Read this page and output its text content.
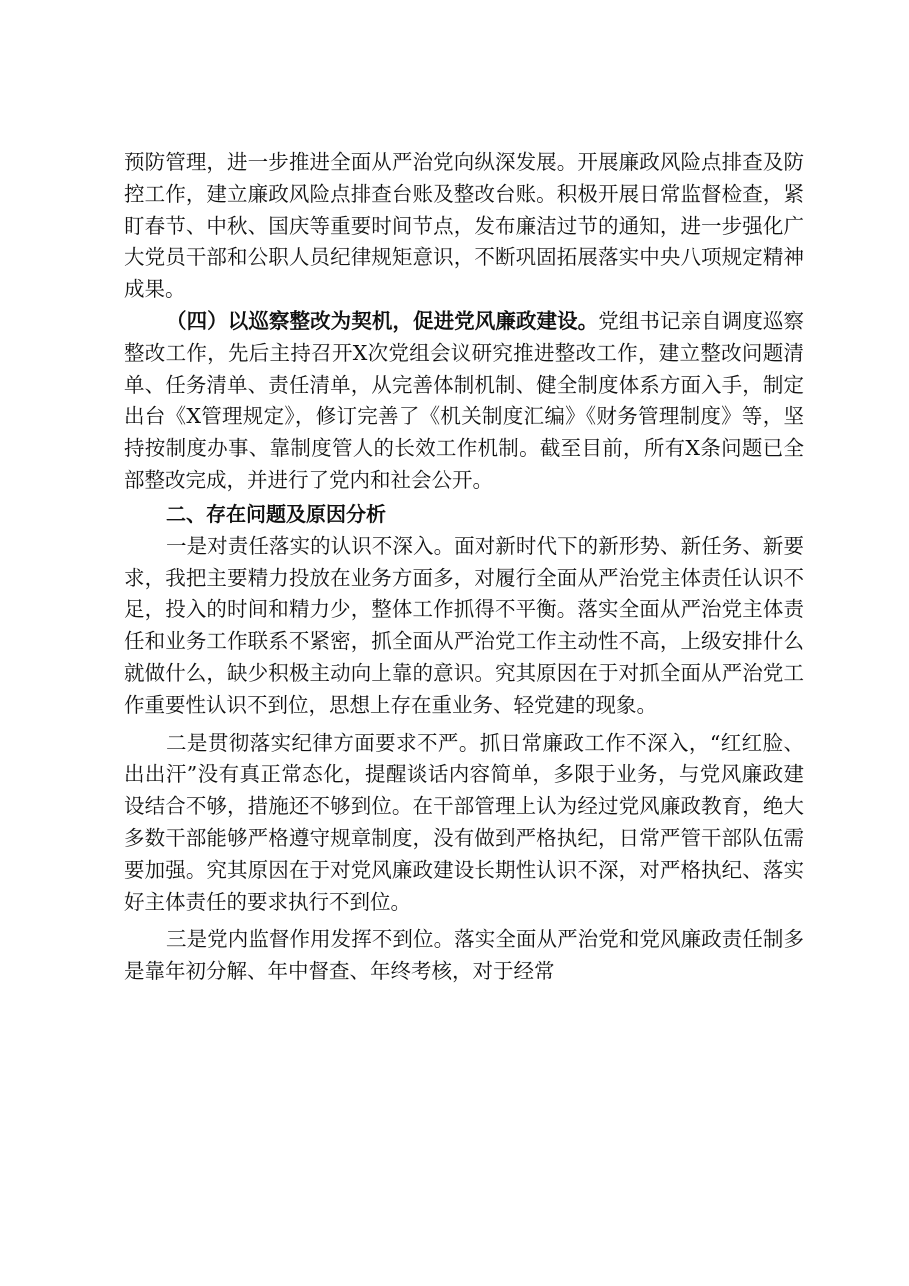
预防管理，进一步推进全面从严治党向纵深发展。开展廉政风险点排查及防控工作，建立廉政风险点排查台账及整改台账。积极开展日常监督检查，紧盯春节、中秋、国庆等重要时间节点，发布廉洁过节的通知，进一步强化广大党员干部和公职人员纪律规矩意识，不断巩固拓展落实中央八项规定精神成果。

（四）以巡察整改为契机，促进党风廉政建设。党组书记亲自调度巡察整改工作，先后主持召开X次党组会议研究推进整改工作，建立整改问题清单、任务清单、责任清单，从完善体制机制、健全制度体系方面入手，制定出台《X管理规定》，修订完善了《机关制度汇编》《财务管理制度》等，坚持按制度办事、靠制度管人的长效工作机制。截至目前，所有X条问题已全部整改完成，并进行了党内和社会公开。

二、存在问题及原因分析

一是对责任落实的认识不深入。面对新时代下的新形势、新任务、新要求，我把主要精力投放在业务方面多，对履行全面从严治党主体责任认识不足，投入的时间和精力少，整体工作抓得不平衡。落实全面从严治党主体责任和业务工作联系不紧密，抓全面从严治党工作主动性不高，上级安排什么就做什么，缺少积极主动向上靠的意识。究其原因在于对抓全面从严治党工作重要性认识不到位，思想上存在重业务、轻党建的现象。

二是贯彻落实纪律方面要求不严。抓日常廉政工作不深入，“红红脸、出出汗”没有真正常态化，提醒谈话内容简单，多限于业务，与党风廉政建设结合不够，措施还不够到位。在干部管理上认为经过党风廉政教育，绝大多数干部能够严格遵守规章制度，没有做到严格执纪，日常严管干部队伍需要加强。究其原因在于对党风廉政建设长期性认识不深，对严格执纪、落实好主体责任的要求执行不到位。

三是党内监督作用发挥不到位。落实全面从严治党和党风廉政责任制多是靠年初分解、年中督查、年终考核，对于经常
